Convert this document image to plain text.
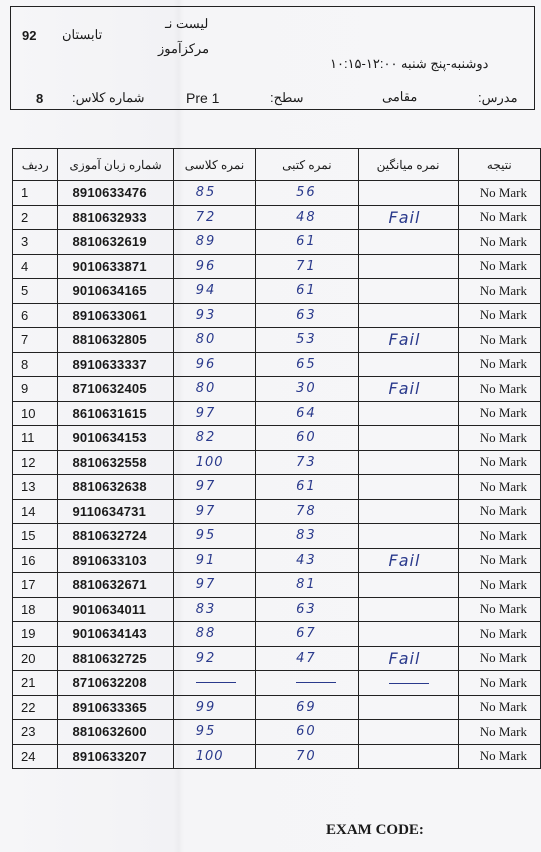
92 تابستان
لیست نـ
مرکزآموز
دوشنبه-پنج شنبه ۱۲:۰۰-۱۰:۱۵
8 شماره کلاس:	Pre 1	سطح:	مقامی	مدرس:
ردیف	شماره زبان آموزی	نمره کلاسی	نمره کتبی	نمره میانگین	نتیجه
1	8910633476	85	56		No Mark
2	8810632933	72	48	Fail	No Mark
3	8810632619	89	61		No Mark
4	9010633871	96	71		No Mark
5	9010634165	94	61		No Mark
6	8910633061	93	63		No Mark
7	8810632805	80	53	Fail	No Mark
8	8910633337	96	65		No Mark
9	8710632405	80	30	Fail	No Mark
10	8610631615	97	64		No Mark
11	9010634153	82	60		No Mark
12	8810632558	100	73		No Mark
13	8810632638	97	61		No Mark
14	9110634731	97	78		No Mark
15	8810632724	95	83		No Mark
16	8910633103	91	43	Fail	No Mark
17	8810632671	97	81		No Mark
18	9010634011	83	63		No Mark
19	9010634143	88	67		No Mark
20	8810632725	92	47	Fail	No Mark
21	8710632208				No Mark
22	8910633365	99	69		No Mark
23	8810632600	95	60		No Mark
24	8910633207	100	70		No Mark
EXAM CODE:
